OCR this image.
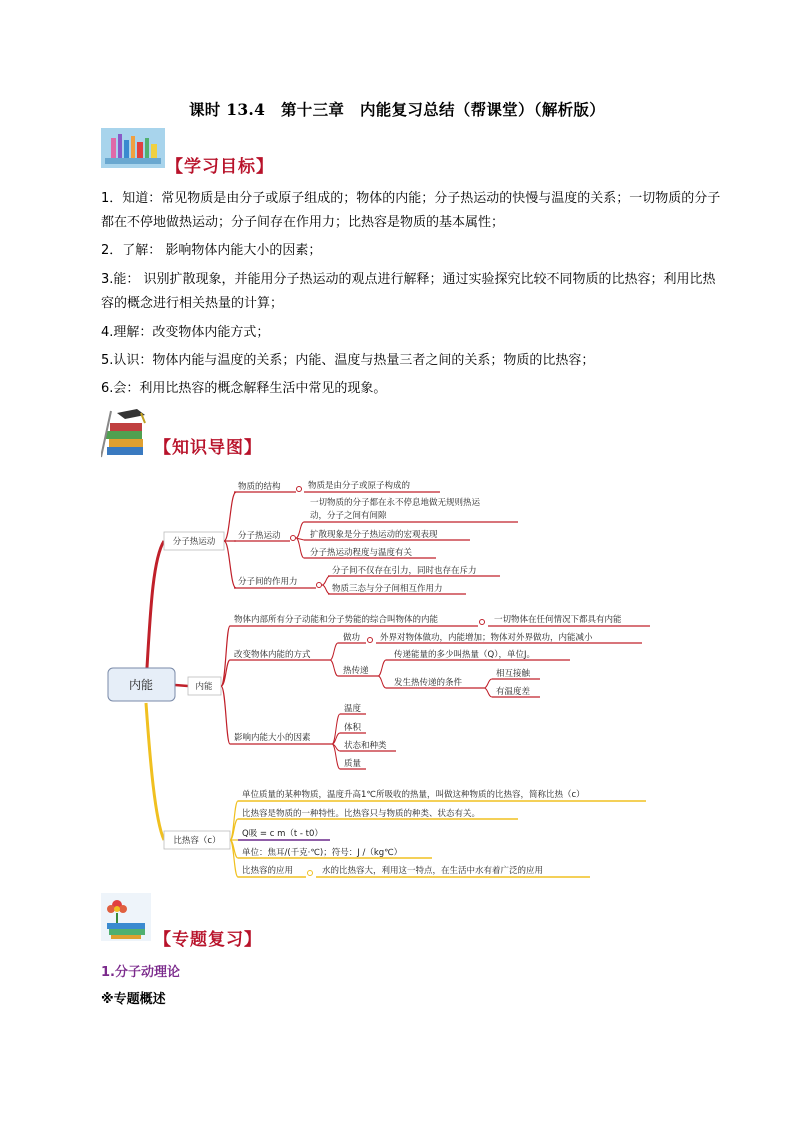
课时 13.4　第十三章　内能复习总结（帮课堂）（解析版）
【学习目标】
1．知道：常见物质是由分子或原子组成的；物体的内能；分子热运动的快慢与温度的关系；一切物质的分子都在不停地做热运动；分子间存在作用力；比热容是物质的基本属性；
2．了解： 影响物体内能大小的因素；
3.能： 识别扩散现象，并能用分子热运动的观点进行解释；通过实验探究比较不同物质的比热容；利用比热容的概念进行相关热量的计算；
4.理解：改变物体内能方式；
5.认识：物体内能与温度的关系；内能、温度与热量三者之间的关系；物质的比热容；
6.会：利用比热容的概念解释生活中常见的现象。
【知识导图】
内能
分子热运动
物质的结构	物质是由分子或原子构成的
分子热运动
一切物质的分子都在永不停息地做无规则热运
动，分子之间有间隙
扩散现象是分子热运动的宏观表现
分子热运动程度与温度有关
分子间的作用力
分子间不仅存在引力，同时也存在斥力
物质三态与分子间相互作用力
内能
物体内部所有分子动能和分子势能的综合叫物体的内能	一切物体在任何情况下都具有内能
改变物体内能的方式
做功 外界对物体做功，内能增加；物体对外界做功，内能减小
热传递
传递能量的多少叫热量（Q），单位J。
发生热传递的条件
相互接触
有温度差
影响内能大小的因素
温度
体积
状态和种类
质量
比热容（c）
单位质量的某种物质，温度升高1℃所吸收的热量，叫做这种物质的比热容，简称比热（c）
比热容是物质的一种特性。比热容只与物质的种类、状态有关。
Q吸 = c m（t - t0）
单位：焦耳/(千克·℃)；符号：J /（kg℃）
比热容的应用	水的比热容大，利用这一特点，在生活中水有着广泛的应用
【专题复习】
1.分子动理论
※专题概述
